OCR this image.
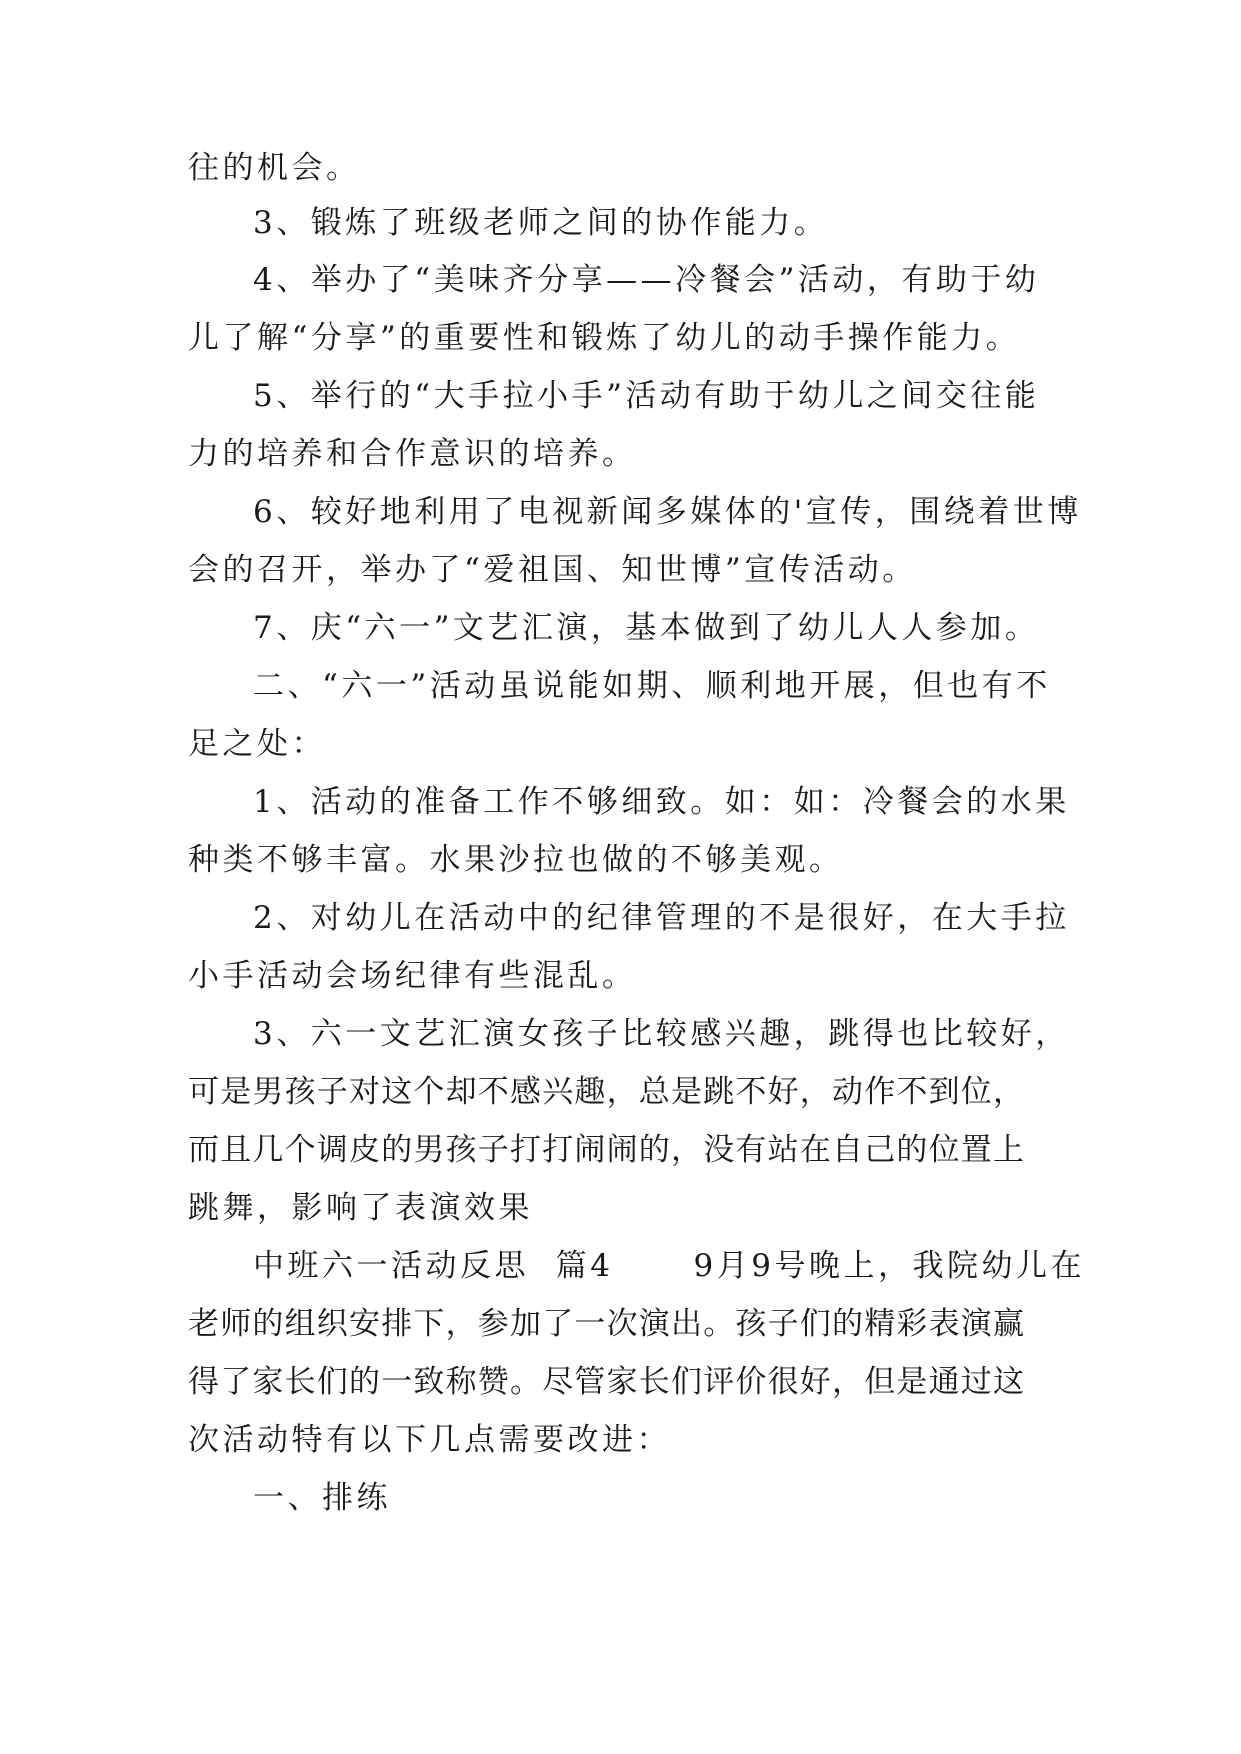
往的机会。

3、锻炼了班级老师之间的协作能力。

4、举办了“美味齐分享——冷餐会”活动，有助于幼

儿了解“分享”的重要性和锻炼了幼儿的动手操作能力。

5、举行的“大手拉小手”活动有助于幼儿之间交往能

力的培养和合作意识的培养。

6、较好地利用了电视新闻多媒体的'宣传，围绕着世博

会的召开，举办了“爱祖国、知世博”宣传活动。

7、庆“六一”文艺汇演，基本做到了幼儿人人参加。

二、“六一”活动虽说能如期、顺利地开展，但也有不

足之处：

1、活动的准备工作不够细致。如：如：冷餐会的水果

种类不够丰富。水果沙拉也做的不够美观。

2、对幼儿在活动中的纪律管理的不是很好，在大手拉

小手活动会场纪律有些混乱。

3、六一文艺汇演女孩子比较感兴趣，跳得也比较好，

可是男孩子对这个却不感兴趣，总是跳不好，动作不到位，

而且几个调皮的男孩子打打闹闹的，没有站在自己的位置上

跳舞，影响了表演效果

中班六一活动反思  篇4      9月9号晚上，我院幼儿在

老师的组织安排下，参加了一次演出。孩子们的精彩表演赢

得了家长们的一致称赞。尽管家长们评价很好，但是通过这

次活动特有以下几点需要改进：

一、排练
